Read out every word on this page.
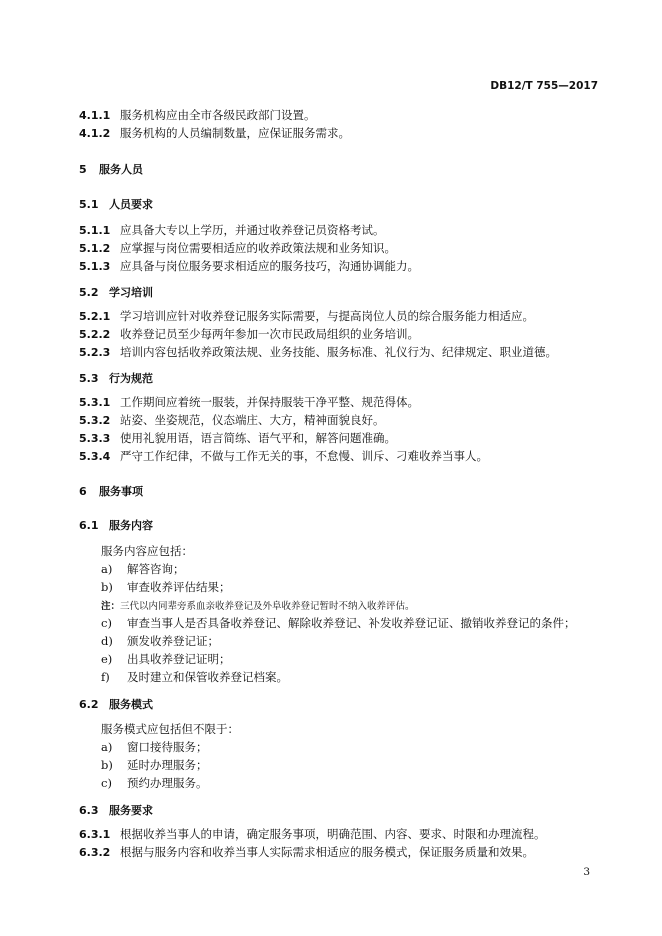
DB12/T 755—2017
4.1.1 服务机构应由全市各级民政部门设置。
4.1.2 服务机构的人员编制数量，应保证服务需求。
5 服务人员
5.1 人员要求
5.1.1 应具备大专以上学历，并通过收养登记员资格考试。
5.1.2 应掌握与岗位需要相适应的收养政策法规和业务知识。
5.1.3 应具备与岗位服务要求相适应的服务技巧，沟通协调能力。
5.2 学习培训
5.2.1 学习培训应针对收养登记服务实际需要，与提高岗位人员的综合服务能力相适应。
5.2.2 收养登记员至少每两年参加一次市民政局组织的业务培训。
5.2.3 培训内容包括收养政策法规、业务技能、服务标准、礼仪行为、纪律规定、职业道德。
5.3 行为规范
5.3.1 工作期间应着统一服装，并保持服装干净平整、规范得体。
5.3.2 站姿、坐姿规范，仪态端庄、大方，精神面貌良好。
5.3.3 使用礼貌用语，语言简练、语气平和，解答问题准确。
5.3.4 严守工作纪律，不做与工作无关的事，不怠慢、训斥、刁难收养当事人。
6 服务事项
6.1 服务内容
服务内容应包括：
a) 解答咨询；
b) 审查收养评估结果；
注：三代以内同辈旁系血亲收养登记及外阜收养登记暂时不纳入收养评估。
c) 审查当事人是否具备收养登记、解除收养登记、补发收养登记证、撤销收养登记的条件；
d) 颁发收养登记证；
e) 出具收养登记证明；
f) 及时建立和保管收养登记档案。
6.2 服务模式
服务模式应包括但不限于：
a) 窗口接待服务；
b) 延时办理服务；
c) 预约办理服务。
6.3 服务要求
6.3.1 根据收养当事人的申请，确定服务事项，明确范围、内容、要求、时限和办理流程。
6.3.2 根据与服务内容和收养当事人实际需求相适应的服务模式，保证服务质量和效果。
3
